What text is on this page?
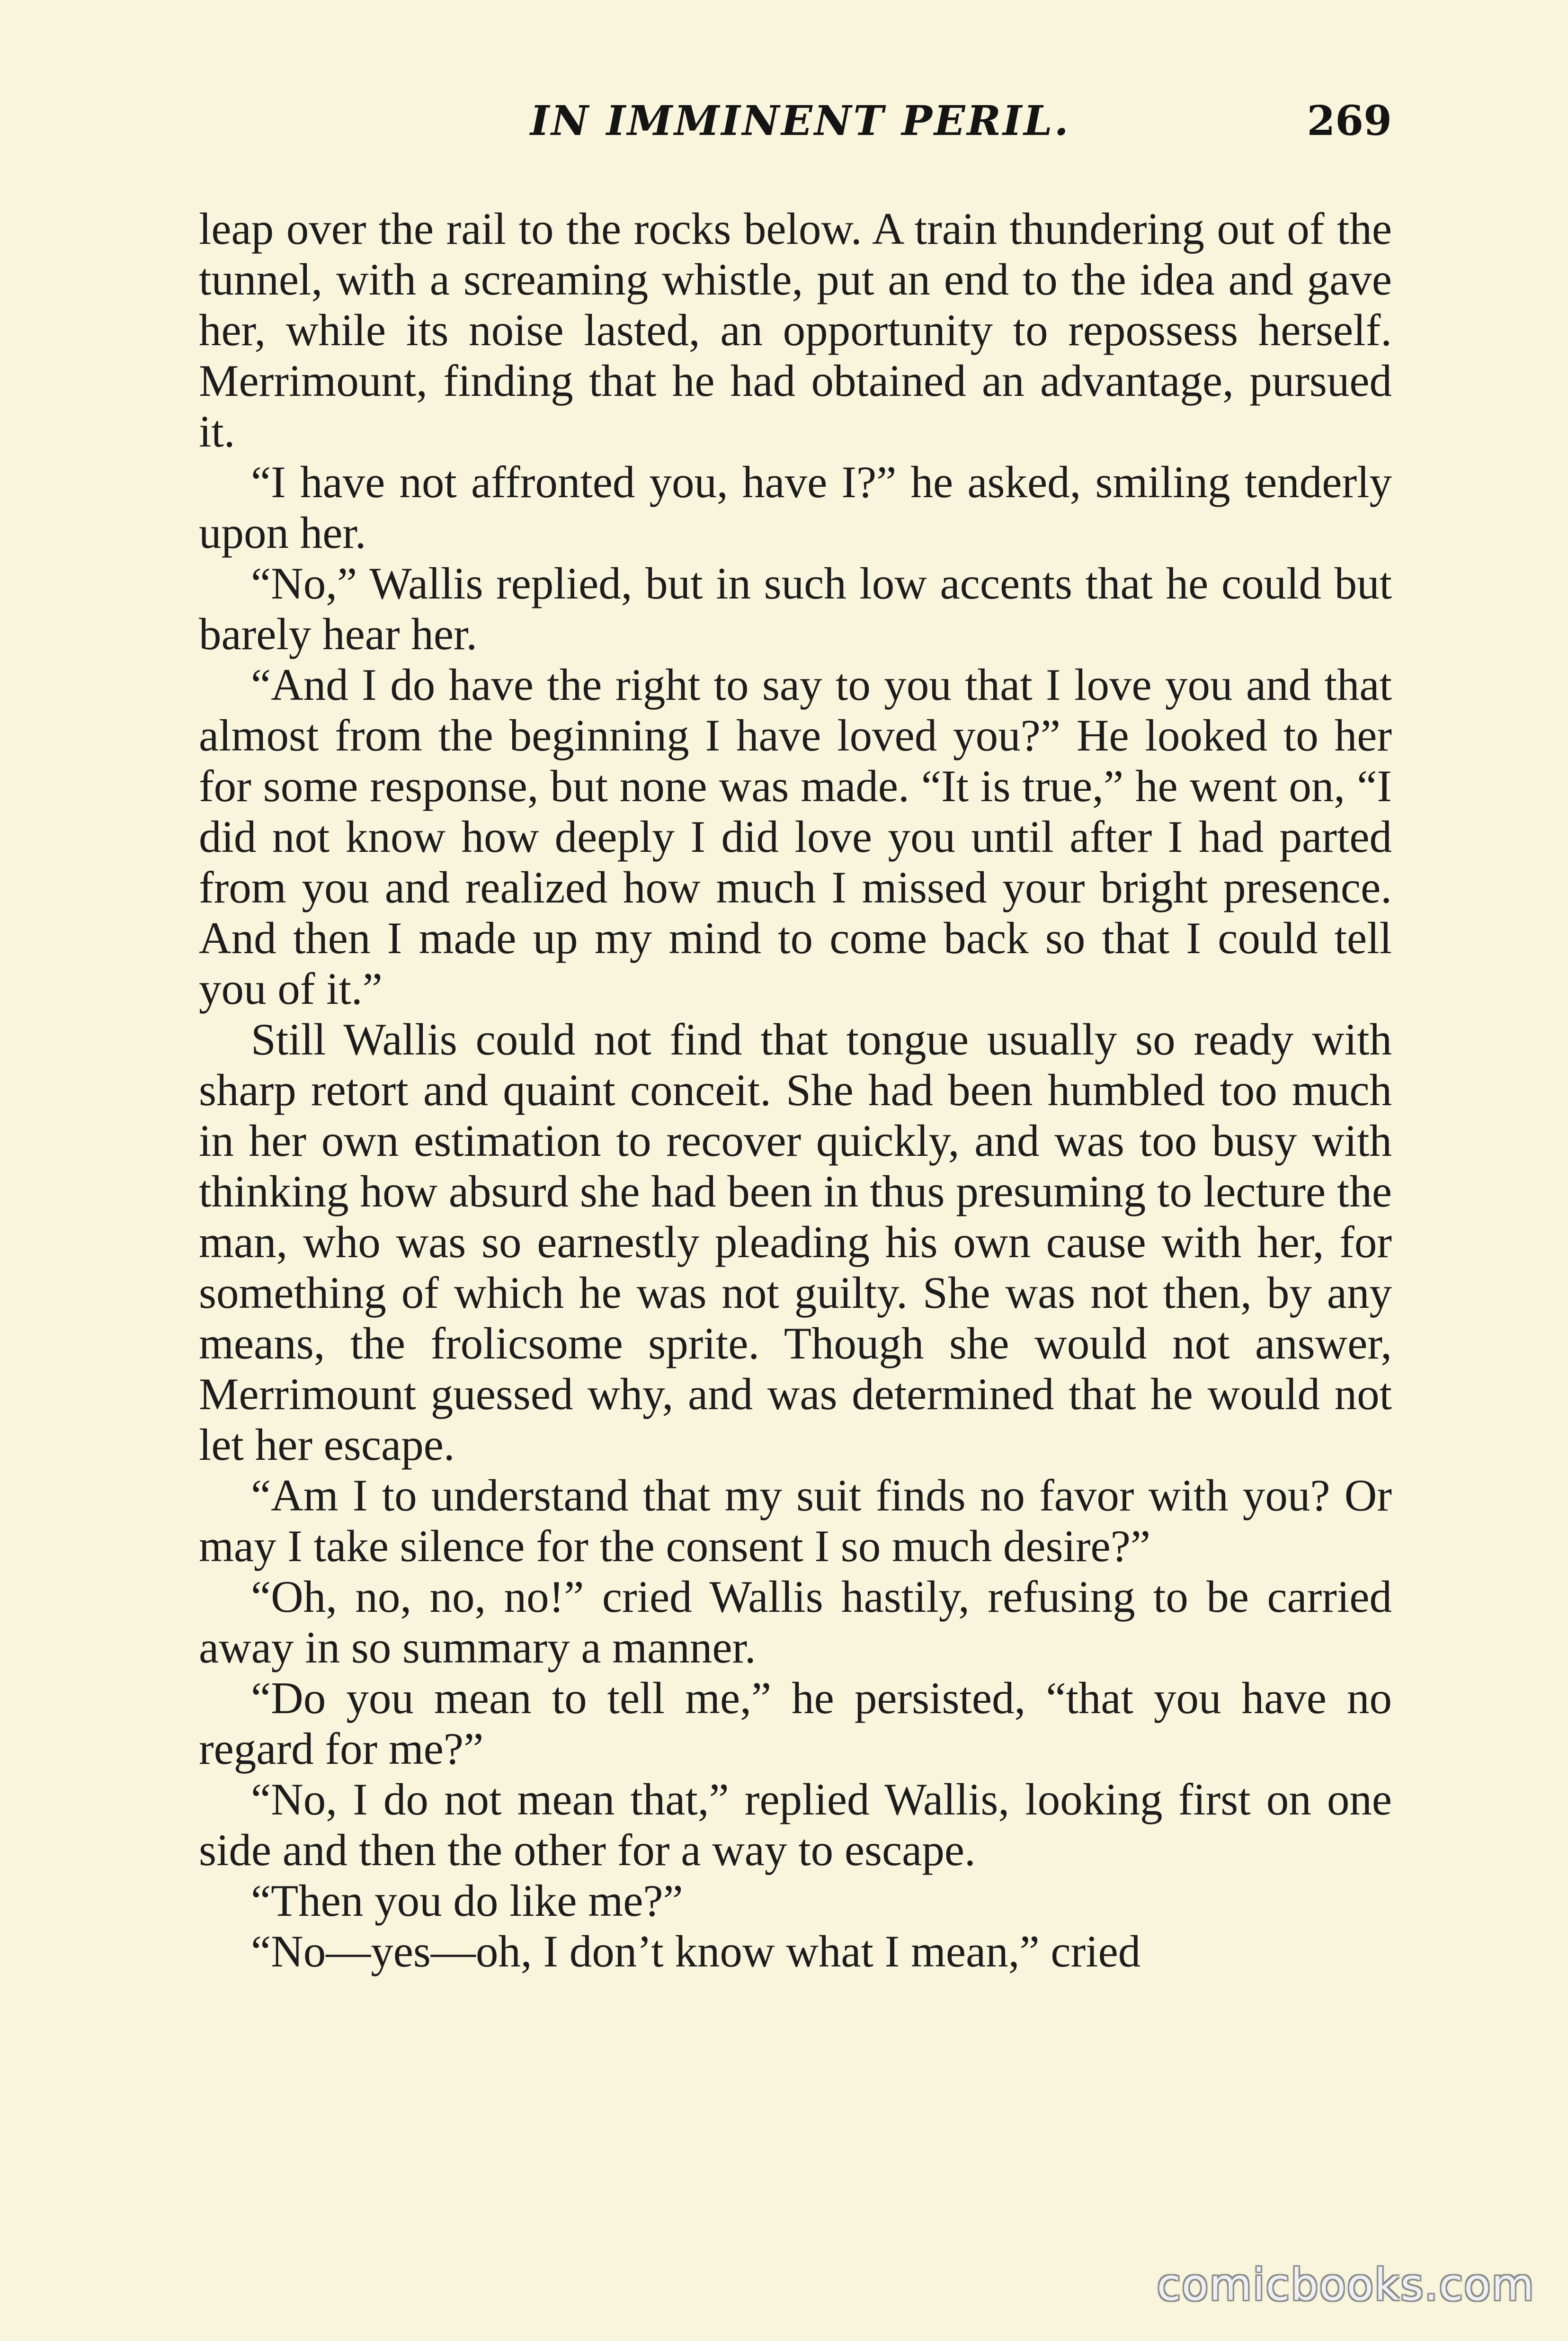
IN IMMINENT PERIL.	269

leap over the rail to the rocks below. A train thundering out of the tunnel, with a screaming whistle, put an end to the idea and gave her, while its noise lasted, an opportunity to repossess herself. Merrimount, finding that he had obtained an advantage, pursued it.

“I have not affronted you, have I?” he asked, smiling tenderly upon her.

“No,” Wallis replied, but in such low accents that he could but barely hear her.

“And I do have the right to say to you that I love you and that almost from the beginning I have loved you?” He looked to her for some response, but none was made. “It is true,” he went on, “I did not know how deeply I did love you until after I had parted from you and realized how much I missed your bright presence. And then I made up my mind to come back so that I could tell you of it.”

Still Wallis could not find that tongue usually so ready with sharp retort and quaint conceit. She had been humbled too much in her own estimation to recover quickly, and was too busy with thinking how absurd she had been in thus presuming to lecture the man, who was so earnestly pleading his own cause with her, for something of which he was not guilty. She was not then, by any means, the frolicsome sprite. Though she would not answer, Merrimount guessed why, and was determined that he would not let her escape.

“Am I to understand that my suit finds no favor with you? Or may I take silence for the consent I so much desire?”

“Oh, no, no, no!” cried Wallis hastily, refusing to be carried away in so summary a manner.

“Do you mean to tell me,” he persisted, “that you have no regard for me?”

“No, I do not mean that,” replied Wallis, looking first on one side and then the other for a way to escape.

“Then you do like me?”

“No—yes—oh, I don’t know what I mean,” cried

comicbooks.com
